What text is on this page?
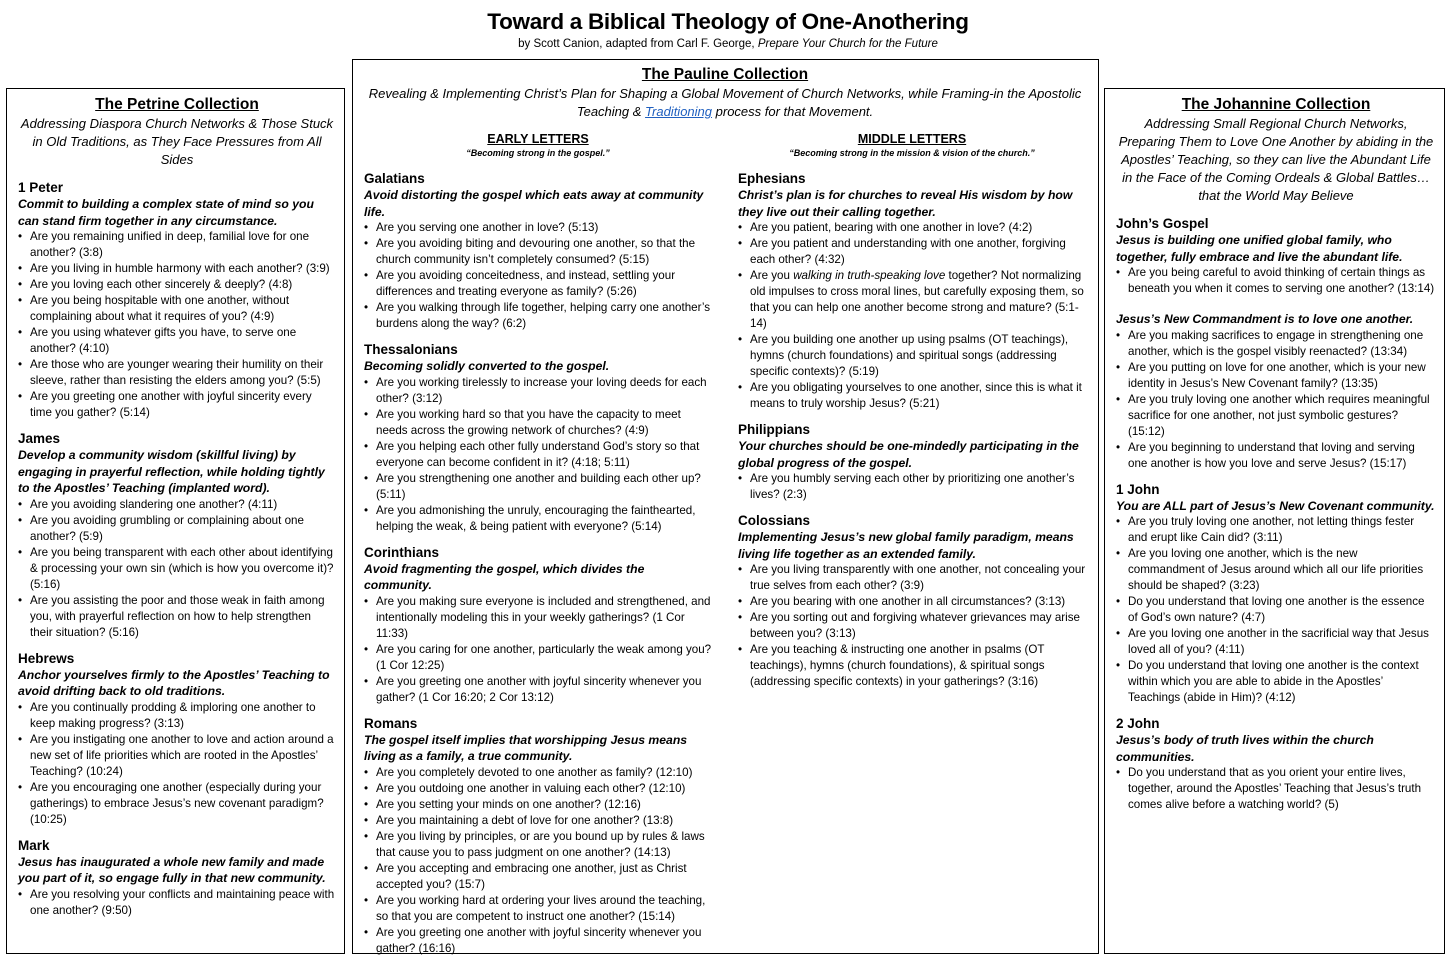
Toward a Biblical Theology of One-Anothering
by Scott Canion, adapted from Carl F. George, Prepare Your Church for the Future
The Petrine Collection
Addressing Diaspora Church Networks & Those Stuck in Old Traditions, as They Face Pressures from All Sides
1 Peter
Commit to building a complex state of mind so you can stand firm together in any circumstance.
• Are you remaining unified in deep, familial love for one another? (3:8)
• Are you living in humble harmony with each another? (3:9)
• Are you loving each other sincerely & deeply? (4:8)
• Are you being hospitable with one another, without complaining about what it requires of you? (4:9)
• Are you using whatever gifts you have, to serve one another? (4:10)
• Are those who are younger wearing their humility on their sleeve, rather than resisting the elders among you? (5:5)
• Are you greeting one another with joyful sincerity every time you gather? (5:14)
James
Develop a community wisdom (skillful living) by engaging in prayerful reflection, while holding tightly to the Apostles’ Teaching (implanted word).
• Are you avoiding slandering one another? (4:11)
• Are you avoiding grumbling or complaining about one another? (5:9)
• Are you being transparent with each other about identifying & processing your own sin (which is how you overcome it)? (5:16)
• Are you assisting the poor and those weak in faith among you, with prayerful reflection on how to help strengthen their situation? (5:16)
Hebrews
Anchor yourselves firmly to the Apostles’ Teaching to avoid drifting back to old traditions.
• Are you continually prodding & imploring one another to keep making progress? (3:13)
• Are you instigating one another to love and action around a new set of life priorities which are rooted in the Apostles’ Teaching? (10:24)
• Are you encouraging one another (especially during your gatherings) to embrace Jesus’s new covenant paradigm? (10:25)
Mark
Jesus has inaugurated a whole new family and made you part of it, so engage fully in that new community.
• Are you resolving your conflicts and maintaining peace with one another? (9:50)
The Pauline Collection
Revealing & Implementing Christ’s Plan for Shaping a Global Movement of Church Networks, while Framing-in the Apostolic Teaching & Traditioning process for that Movement.
EARLY LETTERS
“Becoming strong in the gospel.”
Galatians
Avoid distorting the gospel which eats away at community life.
• Are you serving one another in love? (5:13)
• Are you avoiding biting and devouring one another, so that the church community isn’t completely consumed? (5:15)
• Are you avoiding conceitedness, and instead, settling your differences and treating everyone as family? (5:26)
• Are you walking through life together, helping carry one another’s burdens along the way? (6:2)
Thessalonians
Becoming solidly converted to the gospel.
• Are you working tirelessly to increase your loving deeds for each other? (3:12)
• Are you working hard so that you have the capacity to meet needs across the growing network of churches? (4:9)
• Are you helping each other fully understand God’s story so that everyone can become confident in it? (4:18; 5:11)
• Are you strengthening one another and building each other up? (5:11)
• Are you admonishing the unruly, encouraging the fainthearted, helping the weak, & being patient with everyone? (5:14)
Corinthians
Avoid fragmenting the gospel, which divides the community.
• Are you making sure everyone is included and strengthened, and intentionally modeling this in your weekly gatherings? (1 Cor 11:33)
• Are you caring for one another, particularly the weak among you? (1 Cor 12:25)
• Are you greeting one another with joyful sincerity whenever you gather? (1 Cor 16:20; 2 Cor 13:12)
Romans
The gospel itself implies that worshipping Jesus means living as a family, a true community.
• Are you completely devoted to one another as family? (12:10)
• Are you outdoing one another in valuing each other? (12:10)
• Are you setting your minds on one another? (12:16)
• Are you maintaining a debt of love for one another? (13:8)
• Are you living by principles, or are you bound up by rules & laws that cause you to pass judgment on one another? (14:13)
• Are you accepting and embracing one another, just as Christ accepted you? (15:7)
• Are you working hard at ordering your lives around the teaching, so that you are competent to instruct one another? (15:14)
• Are you greeting one another with joyful sincerity whenever you gather? (16:16)
MIDDLE LETTERS
“Becoming strong in the mission & vision of the church.”
Ephesians
Christ’s plan is for churches to reveal His wisdom by how they live out their calling together.
• Are you patient, bearing with one another in love? (4:2)
• Are you patient and understanding with one another, forgiving each other? (4:32)
• Are you walking in truth-speaking love together? Not normalizing old impulses to cross moral lines, but carefully exposing them, so that you can help one another become strong and mature? (5:1-14)
• Are you building one another up using psalms (OT teachings), hymns (church foundations) and spiritual songs (addressing specific contexts)? (5:19)
• Are you obligating yourselves to one another, since this is what it means to truly worship Jesus? (5:21)
Philippians
Your churches should be one-mindedly participating in the global progress of the gospel.
• Are you humbly serving each other by prioritizing one another’s lives? (2:3)
Colossians
Implementing Jesus’s new global family paradigm, means living life together as an extended family.
• Are you living transparently with one another, not concealing your true selves from each other? (3:9)
• Are you bearing with one another in all circumstances? (3:13)
• Are you sorting out and forgiving whatever grievances may arise between you? (3:13)
• Are you teaching & instructing one another in psalms (OT teachings), hymns (church foundations), & spiritual songs (addressing specific contexts) in your gatherings? (3:16)
The Johannine Collection
Addressing Small Regional Church Networks, Preparing Them to Love One Another by abiding in the Apostles’ Teaching, so they can live the Abundant Life in the Face of the Coming Ordeals & Global Battles… that the World May Believe
John’s Gospel
Jesus is building one unified global family, who together, fully embrace and live the abundant life.
• Are you being careful to avoid thinking of certain things as beneath you when it comes to serving one another? (13:14)
Jesus’s New Commandment is to love one another.
• Are you making sacrifices to engage in strengthening one another, which is the gospel visibly reenacted? (13:34)
• Are you putting on love for one another, which is your new identity in Jesus’s New Covenant family? (13:35)
• Are you truly loving one another which requires meaningful sacrifice for one another, not just symbolic gestures? (15:12)
• Are you beginning to understand that loving and serving one another is how you love and serve Jesus? (15:17)
1 John
You are ALL part of Jesus’s New Covenant community.
• Are you truly loving one another, not letting things fester and erupt like Cain did? (3:11)
• Are you loving one another, which is the new commandment of Jesus around which all our life priorities should be shaped? (3:23)
• Do you understand that loving one another is the essence of God’s own nature? (4:7)
• Are you loving one another in the sacrificial way that Jesus loved all of you? (4:11)
• Do you understand that loving one another is the context within which you are able to abide in the Apostles’ Teachings (abide in Him)? (4:12)
2 John
Jesus’s body of truth lives within the church communities.
• Do you understand that as you orient your entire lives, together, around the Apostles’ Teaching that Jesus’s truth comes alive before a watching world? (5)
